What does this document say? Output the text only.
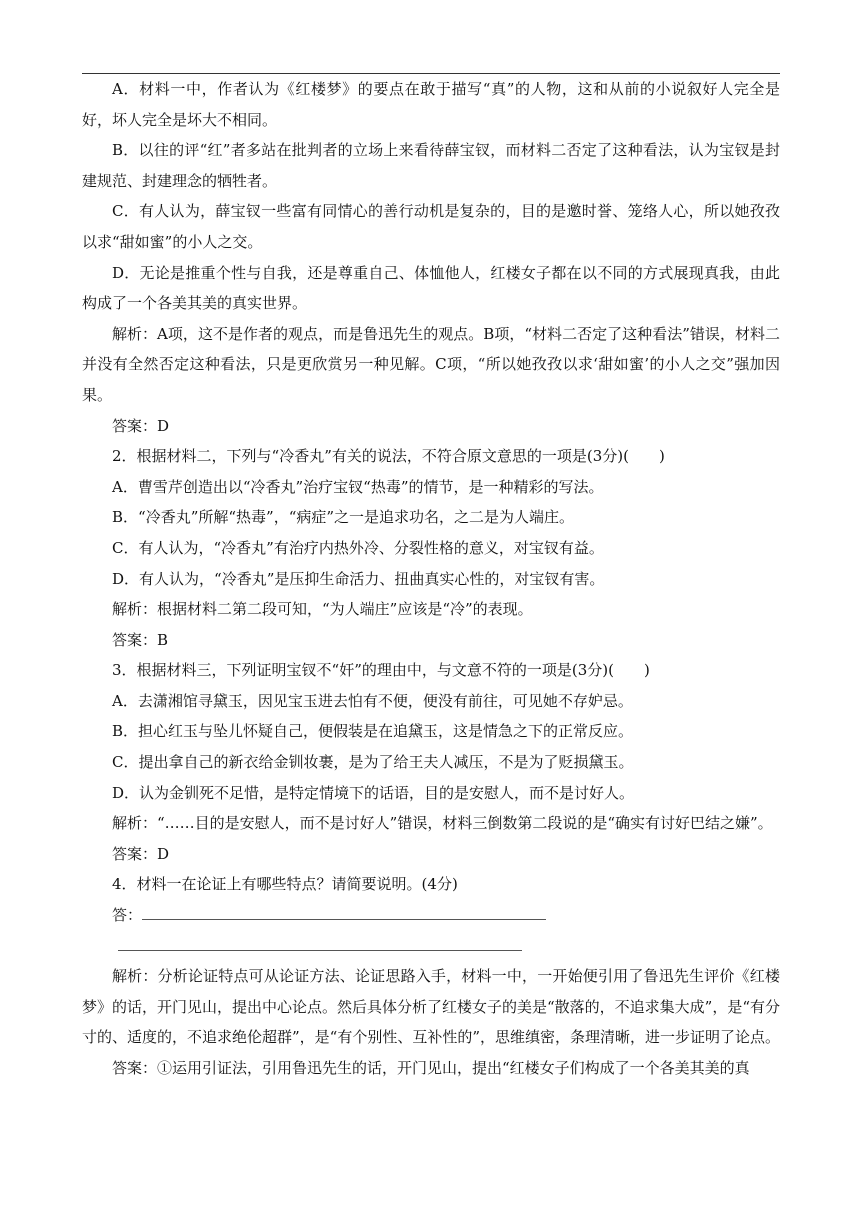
A．材料一中，作者认为《红楼梦》的要点在敢于描写“真”的人物，这和从前的小说叙好人完全是好，坏人完全是坏大不相同。

B．以往的评“红”者多站在批判者的立场上来看待薛宝钗，而材料二否定了这种看法，认为宝钗是封建规范、封建理念的牺牲者。

C．有人认为，薛宝钗一些富有同情心的善行动机是复杂的，目的是邀时誉、笼络人心，所以她孜孜以求“甜如蜜”的小人之交。

D．无论是推重个性与自我，还是尊重自己、体恤他人，红楼女子都在以不同的方式展现真我，由此构成了一个各美其美的真实世界。

解析：A项，这不是作者的观点，而是鲁迅先生的观点。B项，“材料二否定了这种看法”错误，材料二并没有全然否定这种看法，只是更欣赏另一种见解。C项，“所以她孜孜以求‘甜如蜜’的小人之交”强加因果。

答案：D

2．根据材料二，下列与“冷香丸”有关的说法，不符合原文意思的一项是(3分)(　　)

A．曹雪芹创造出以“冷香丸”治疗宝钗“热毒”的情节，是一种精彩的写法。

B．“冷香丸”所解“热毒”，“病症”之一是追求功名，之二是为人端庄。

C．有人认为，“冷香丸”有治疗内热外冷、分裂性格的意义，对宝钗有益。

D．有人认为，“冷香丸”是压抑生命活力、扭曲真实心性的，对宝钗有害。

解析：根据材料二第二段可知，“为人端庄”应该是“冷”的表现。

答案：B

3．根据材料三，下列证明宝钗不“奸”的理由中，与文意不符的一项是(3分)(　　)

A．去潇湘馆寻黛玉，因见宝玉进去怕有不便，便没有前往，可见她不存妒忌。

B．担心红玉与坠儿怀疑自己，便假装是在追黛玉，这是情急之下的正常反应。

C．提出拿自己的新衣给金钏妆裹，是为了给王夫人减压，不是为了贬损黛玉。

D．认为金钏死不足惜，是特定情境下的话语，目的是安慰人，而不是讨好人。

解析：“……目的是安慰人，而不是讨好人”错误，材料三倒数第二段说的是“确实有讨好巴结之嫌”。

答案：D

4．材料一在论证上有哪些特点？请简要说明。(4分)

答：

解析：分析论证特点可从论证方法、论证思路入手，材料一中，一开始便引用了鲁迅先生评价《红楼梦》的话，开门见山，提出中心论点。然后具体分析了红楼女子的美是“散落的，不追求集大成”，是“有分寸的、适度的，不追求绝伦超群”，是“有个别性、互补性的”，思维缜密，条理清晰，进一步证明了论点。

答案：①运用引证法，引用鲁迅先生的话，开门见山，提出“红楼女子们构成了一个各美其美的真
